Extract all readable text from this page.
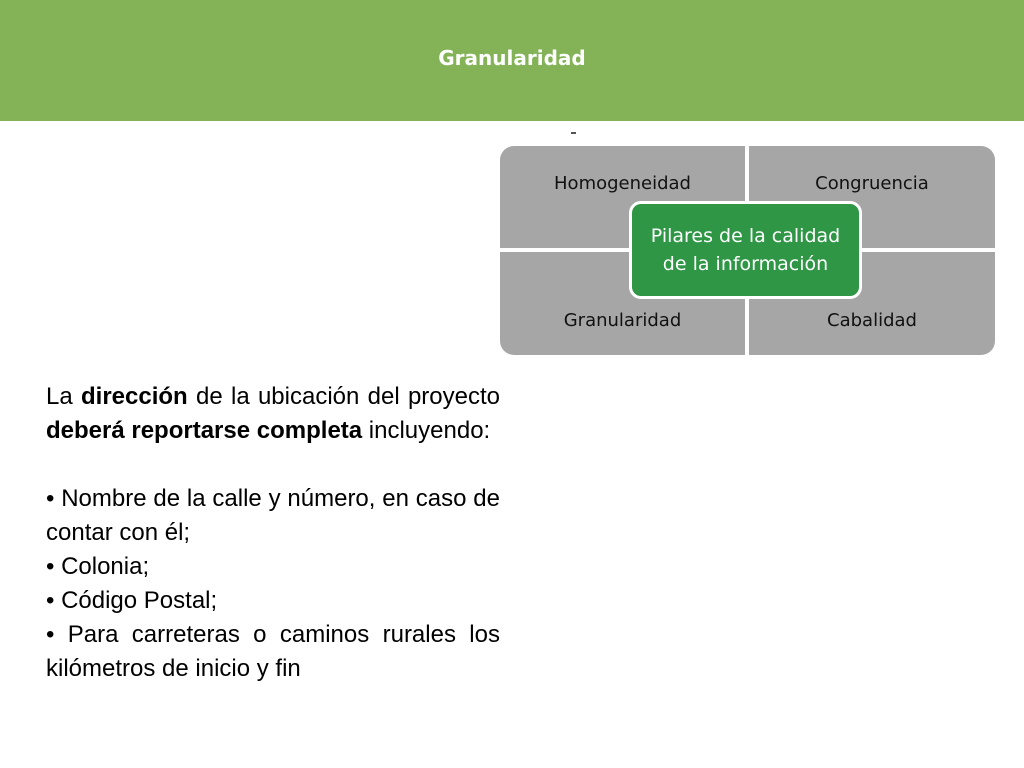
Granularidad
Homogeneidad	Congruencia
Granularidad	Cabalidad
Pilares de la calidad
de la información

La dirección de la ubicación del proyecto deberá reportarse completa incluyendo:

• Nombre de la calle y número, en caso de contar con él;

• Colonia;

• Código Postal;

• Para carreteras o caminos rurales los kilómetros de inicio y fin
